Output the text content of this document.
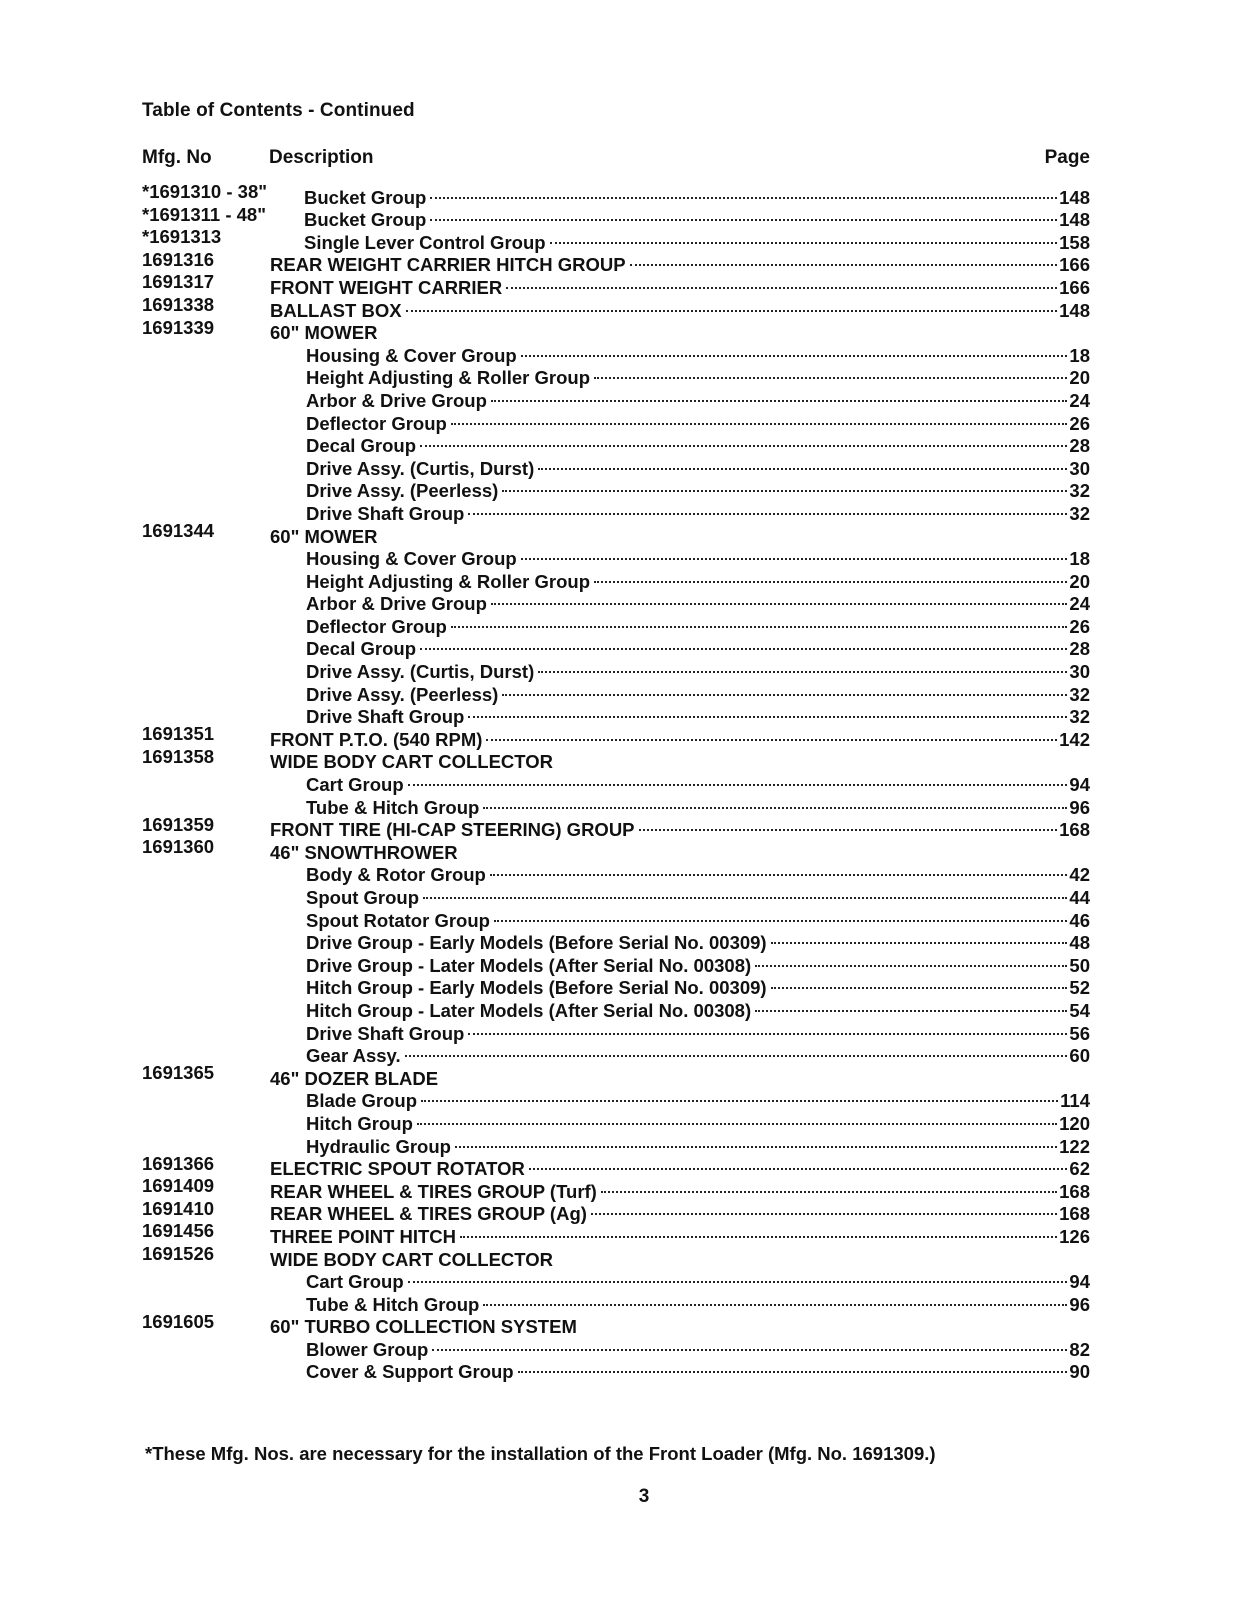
Table of Contents - Continued
Mfg. No	Description	Page
*1691310 - 38" Bucket Group	148
*1691311 - 48" Bucket Group	148
*1691313	Single Lever Control Group	158
1691316	REAR WEIGHT CARRIER HITCH GROUP	166
1691317	FRONT WEIGHT CARRIER	166
1691338	BALLAST BOX	148
1691339	60" MOWER
Housing & Cover Group	18
Height Adjusting & Roller Group	20
Arbor & Drive Group	24
Deflector Group	26
Decal Group	28
Drive Assy. (Curtis, Durst)	30
Drive Assy. (Peerless)	32
Drive Shaft Group	32
1691344	60" MOWER
Housing & Cover Group	18
Height Adjusting & Roller Group	20
Arbor & Drive Group	24
Deflector Group	26
Decal Group	28
Drive Assy. (Curtis, Durst)	30
Drive Assy. (Peerless)	32
Drive Shaft Group	32
1691351	FRONT P.T.O. (540 RPM)	142
1691358	WIDE BODY CART COLLECTOR
Cart Group	94
Tube & Hitch Group	96
1691359	FRONT TIRE (HI-CAP STEERING) GROUP	168
1691360	46" SNOWTHROWER
Body & Rotor Group	42
Spout Group	44
Spout Rotator Group	46
Drive Group - Early Models (Before Serial No. 00309)	48
Drive Group - Later Models (After Serial No. 00308)	50
Hitch Group - Early Models (Before Serial No. 00309)	52
Hitch Group - Later Models (After Serial No. 00308)	54
Drive Shaft Group	56
Gear Assy.	60
1691365	46" DOZER BLADE
Blade Group	114
Hitch Group	120
Hydraulic Group	122
1691366	ELECTRIC SPOUT ROTATOR	62
1691409	REAR WHEEL & TIRES GROUP (Turf)	168
1691410	REAR WHEEL & TIRES GROUP (Ag)	168
1691456	THREE POINT HITCH	126
1691526	WIDE BODY CART COLLECTOR
Cart Group	94
Tube & Hitch Group	96
1691605	60" TURBO COLLECTION SYSTEM
Blower Group	82
Cover & Support Group	90
*These Mfg. Nos. are necessary for the installation of the Front Loader (Mfg. No. 1691309.)
3
